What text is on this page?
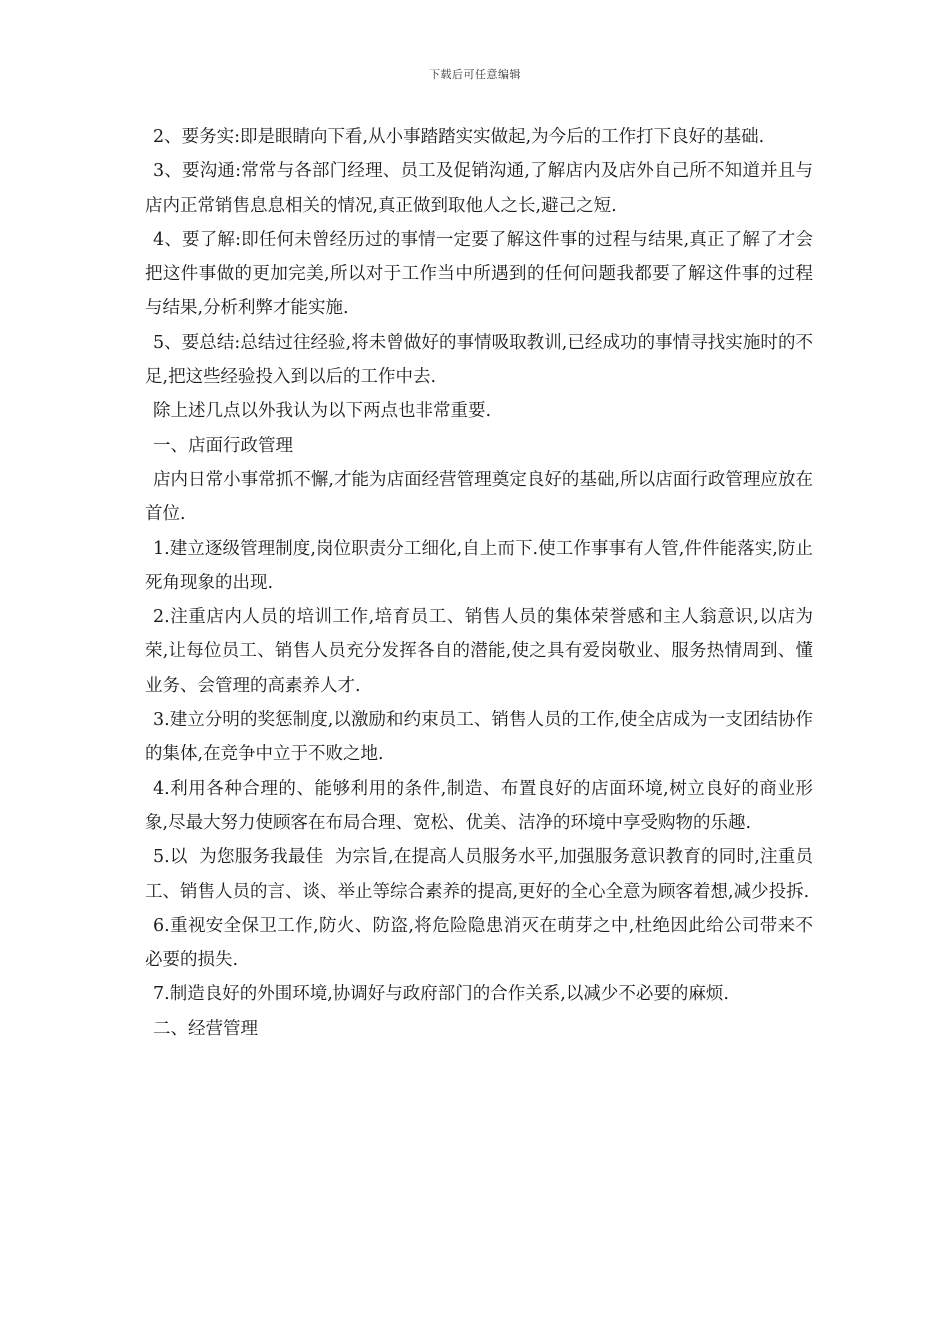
下载后可任意编辑

2、要务实:即是眼睛向下看,从小事踏踏实实做起,为今后的工作打下良好的基础.

3、要沟通:常常与各部门经理、员工及促销沟通,了解店内及店外自己所不知道并且与店内正常销售息息相关的情况,真正做到取他人之长,避己之短.

4、要了解:即任何未曾经历过的事情一定要了解这件事的过程与结果,真正了解了才会把这件事做的更加完美,所以对于工作当中所遇到的任何问题我都要了解这件事的过程与结果,分析利弊才能实施.

5、要总结:总结过往经验,将未曾做好的事情吸取教训,已经成功的事情寻找实施时的不足,把这些经验投入到以后的工作中去.

除上述几点以外我认为以下两点也非常重要.

一、店面行政管理

店内日常小事常抓不懈,才能为店面经营管理奠定良好的基础,所以店面行政管理应放在首位.

1.建立逐级管理制度,岗位职责分工细化,自上而下.使工作事事有人管,件件能落实,防止死角现象的出现.

2.注重店内人员的培训工作,培育员工、销售人员的集体荣誉感和主人翁意识,以店为荣,让每位员工、销售人员充分发挥各自的潜能,使之具有爱岗敬业、服务热情周到、懂业务、会管理的高素养人才.

3.建立分明的奖惩制度,以激励和约束员工、销售人员的工作,使全店成为一支团结协作的集体,在竞争中立于不败之地.

4.利用各种合理的、能够利用的条件,制造、布置良好的店面环境,树立良好的商业形象,尽最大努力使顾客在布局合理、宽松、优美、洁净的环境中享受购物的乐趣.

5.以  为您服务我最佳  为宗旨,在提高人员服务水平,加强服务意识教育的同时,注重员工、销售人员的言、谈、举止等综合素养的提高,更好的全心全意为顾客着想,减少投拆.

6.重视安全保卫工作,防火、防盗,将危险隐患消灭在萌芽之中,杜绝因此给公司带来不必要的损失.

7.制造良好的外围环境,协调好与政府部门的合作关系,以减少不必要的麻烦.

二、经营管理
